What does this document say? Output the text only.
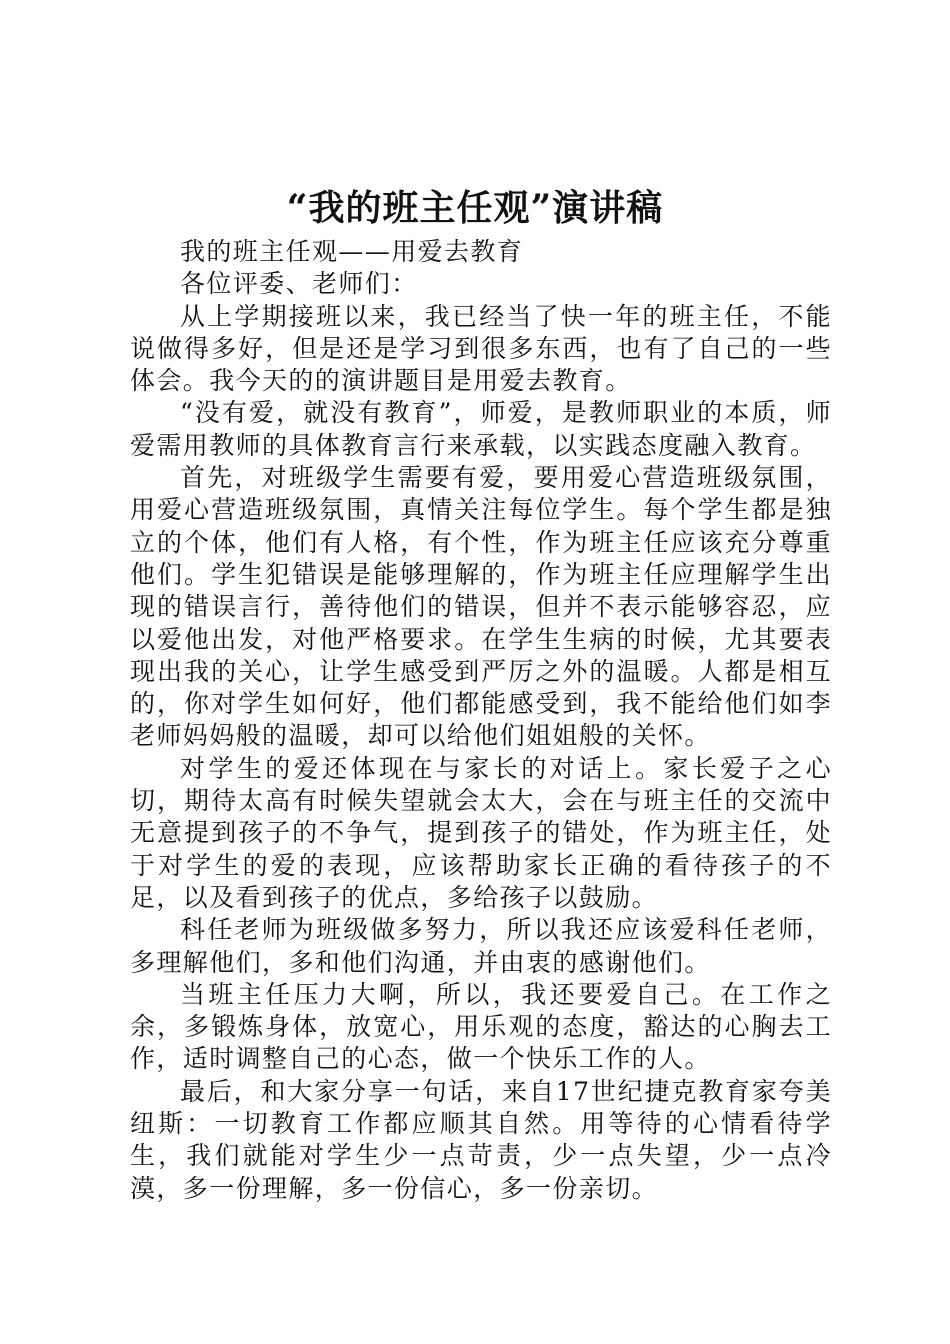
“我的班主任观”演讲稿

我的班主任观——用爱去教育

各位评委、老师们：

从上学期接班以来，我已经当了快一年的班主任，不能说做得多好，但是还是学习到很多东西，也有了自己的一些体会。我今天的的演讲题目是用爱去教育。

“没有爱，就没有教育”，师爱，是教师职业的本质，师爱需用教师的具体教育言行来承载，以实践态度融入教育。

首先，对班级学生需要有爱，要用爱心营造班级氛围，用爱心营造班级氛围，真情关注每位学生。每个学生都是独立的个体，他们有人格，有个性，作为班主任应该充分尊重他们。学生犯错误是能够理解的，作为班主任应理解学生出现的错误言行，善待他们的错误，但并不表示能够容忍，应以爱他出发，对他严格要求。在学生生病的时候，尤其要表现出我的关心，让学生感受到严厉之外的温暖。人都是相互的，你对学生如何好，他们都能感受到，我不能给他们如李老师妈妈般的温暖，却可以给他们姐姐般的关怀。

对学生的爱还体现在与家长的对话上。家长爱子之心切，期待太高有时候失望就会太大，会在与班主任的交流中无意提到孩子的不争气，提到孩子的错处，作为班主任，处于对学生的爱的表现，应该帮助家长正确的看待孩子的不足，以及看到孩子的优点，多给孩子以鼓励。

科任老师为班级做多努力，所以我还应该爱科任老师，多理解他们，多和他们沟通，并由衷的感谢他们。

当班主任压力大啊，所以，我还要爱自己。在工作之余，多锻炼身体，放宽心，用乐观的态度，豁达的心胸去工作，适时调整自己的心态，做一个快乐工作的人。

最后，和大家分享一句话，来自17世纪捷克教育家夸美纽斯：一切教育工作都应顺其自然。用等待的心情看待学生，我们就能对学生少一点苛责，少一点失望，少一点冷漠，多一份理解，多一份信心，多一份亲切。
